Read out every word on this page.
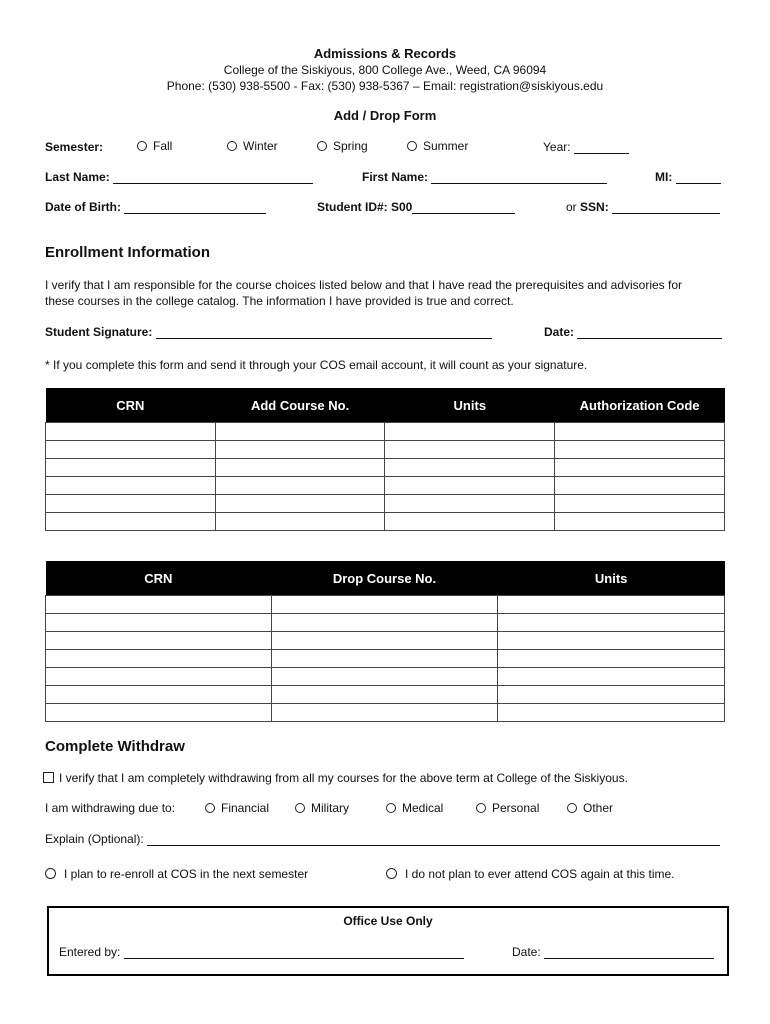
Admissions & Records
College of the Siskiyous, 800 College Ave., Weed, CA 96094
Phone: (530) 938-5500 - Fax: (530) 938-5367 – Email: registration@siskiyous.edu
Add / Drop Form
Semester:	Fall	Winter	Spring	Summer	Year:
Last Name:	First Name:	MI:
Date of Birth:	Student ID#: S00	or SSN:
Enrollment Information
I verify that I am responsible for the course choices listed below and that I have read the prerequisites and advisories for
these courses in the college catalog. The information I have provided is true and correct.
Student Signature:	Date:
* If you complete this form and send it through your COS email account, it will count as your signature.
CRN	Add Course No.	Units	Authorization Code

CRN	Drop Course No.	Units

Complete Withdraw
I verify that I am completely withdrawing from all my courses for the above term at College of the Siskiyous.
I am withdrawing due to:	Financial	Military	Medical	Personal	Other
Explain (Optional):
I plan to re-enroll at COS in the next semester	I do not plan to ever attend COS again at this time.
Office Use Only
Entered by:	Date:
